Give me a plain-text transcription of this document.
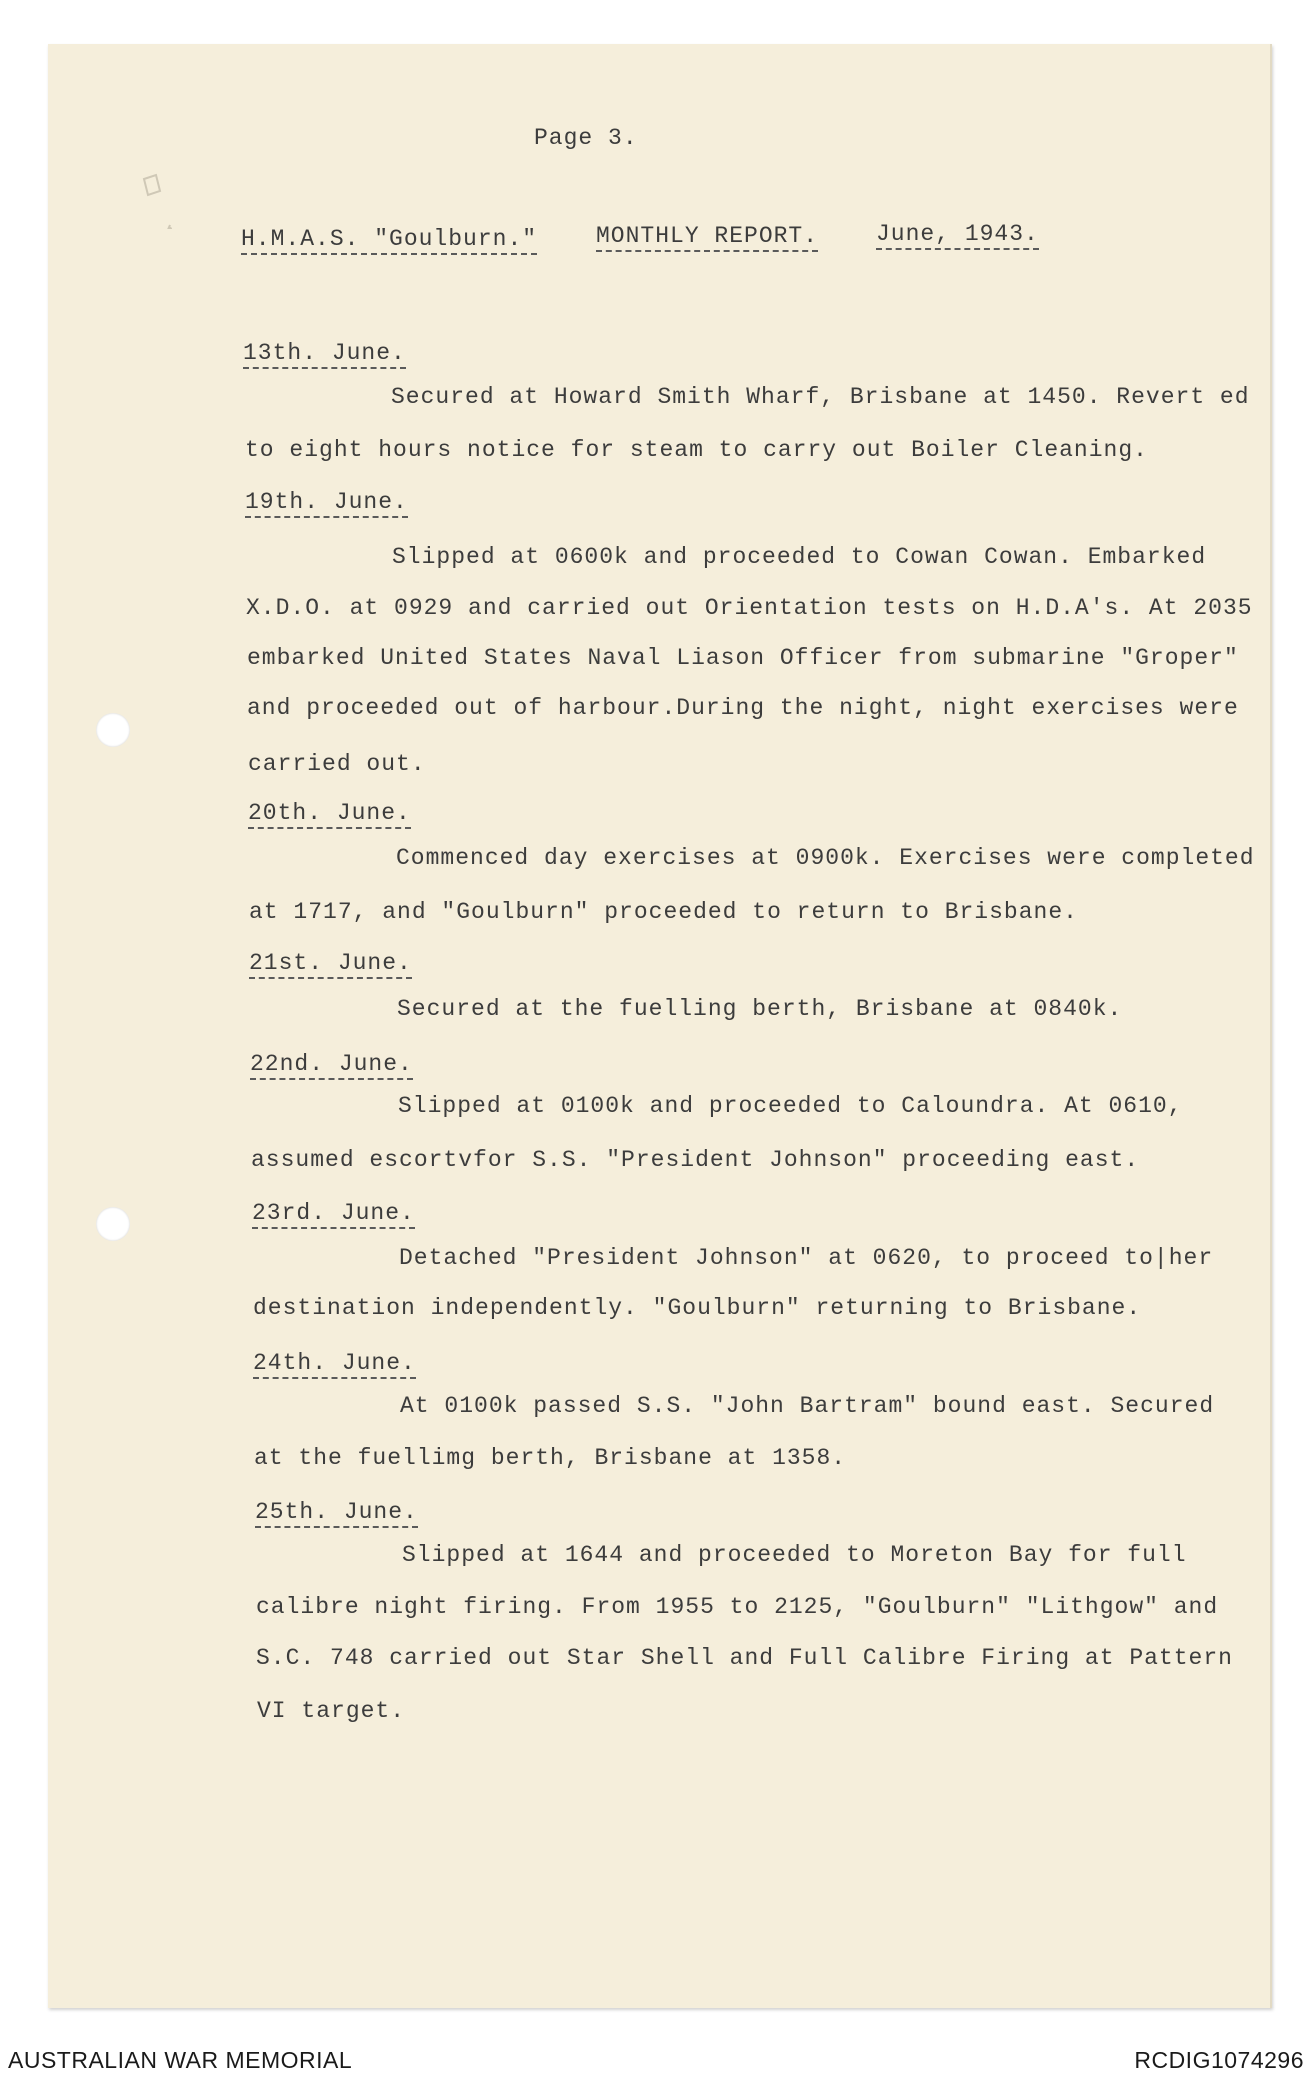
Page 3.
H.M.A.S. "Goulburn."	MONTHLY REPORT.	June, 1943.
13th. June.
Secured at Howard Smith Wharf, Brisbane at 1450. Revert ed
to eight hours notice for steam to carry out Boiler Cleaning.
19th. June.
Slipped at 0600k and proceeded to Cowan Cowan. Embarked
X.D.O. at 0929 and carried out Orientation tests on H.D.A's. At 2035
embarked United States Naval Liason Officer from submarine "Groper"
and proceeded out of harbour.During the night, night exercises were
carried out.
20th. June.
Commenced day exercises at 0900k. Exercises were completed
at 1717, and "Goulburn" proceeded to return to Brisbane.
21st. June.
Secured at the fuelling berth, Brisbane at 0840k.
22nd. June.
Slipped at 0100k and proceeded to Caloundra. At 0610,
assumed escortvfor S.S. "President Johnson" proceeding east.
23rd. June.
Detached "President Johnson" at 0620, to proceed to|her
destination independently. "Goulburn" returning to Brisbane.
24th. June.
At 0100k passed S.S. "John Bartram" bound east. Secured
at the fuellimg berth, Brisbane at 1358.
25th. June.
Slipped at 1644 and proceeded to Moreton Bay for full
calibre night firing. From 1955 to 2125, "Goulburn" "Lithgow" and
S.C. 748 carried out Star Shell and Full Calibre Firing at Pattern
VI target.
AUSTRALIAN WAR MEMORIAL	RCDIG1074296
